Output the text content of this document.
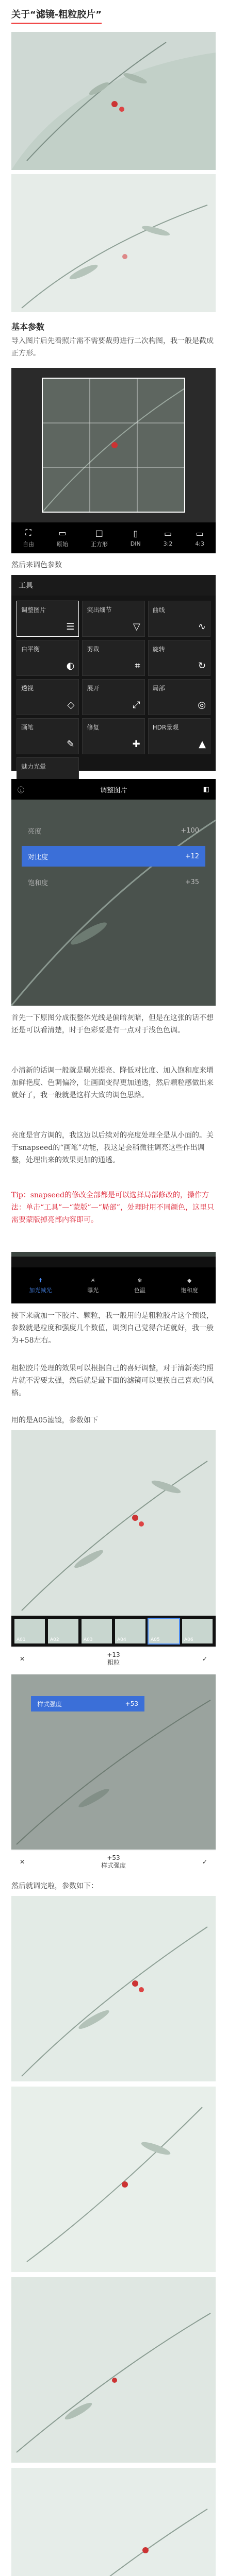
关于“滤镜-粗粒胶片”
基本参数
导入图片后先看照片需不需要裁剪进行二次构图，我一般是截成正方形。
⛶
自由
▭
原始
□
正方形
▯
DIN
▭
3:2
▭
4:3
然后来调色参数
工具
调整图片
☰
突出细节
▽
曲线
∿
白平衡
◐
剪裁
⌗
旋转
↻
透视
◇
展开
⤢
局部
◎
画笔
✎
修复
✚
HDR景观
▲
魅力光晕
ⓘ	调整图片	◧
亮度	+100
对比度	+12
饱和度	+35
首先一下原图分成很整体光线是偏暗灰暗，但是在这张的话不想还是可以看清楚，时于色彩要是有一点对于浅色色调。
小清新的话调一般就是曝光提亮、降低对比度、加入饱和度来增加鲜艳度、色调偏冷，让画面变得更加通透，然后颗粒感做出来就好了，我一般就是这样大致的调色思路。
亮度是官方调的，我这边以后续对的亮度处理全是从小面的。关于snapseed的“画笔”功能，我这是会稍微往调亮这些作出调整，处理出来的效果更加的通透。
Tip：snapseed的修改全部都是可以选择局部修改的，操作方法：单击“工具”—“蒙版”—“局部”，处理时用不同颜色，这里只需要蒙版掉亮部内容即可。
⬆
加光减光
☀
曝光
❄
色温
◆
饱和度
接下来就加一下胶片、颗粒，我一般用的是粗粒胶片这个预设，参数就是粒度和强度几个数值，调到自己觉得合适就好，我一般为+58左右。
粗粒胶片处理的效果可以根据自己的喜好调整，对于清新类的照片就不需要太强，然后就是最下面的滤镜可以更换自己喜欢的风格。
用的是A05滤镜，参数如下
A01	A02	A03	A04	A05	A06
✕
+13
粗粒	✓
样式强度	+53
✕
+53
样式强度	✓
然后就调完啦，参数如下：
